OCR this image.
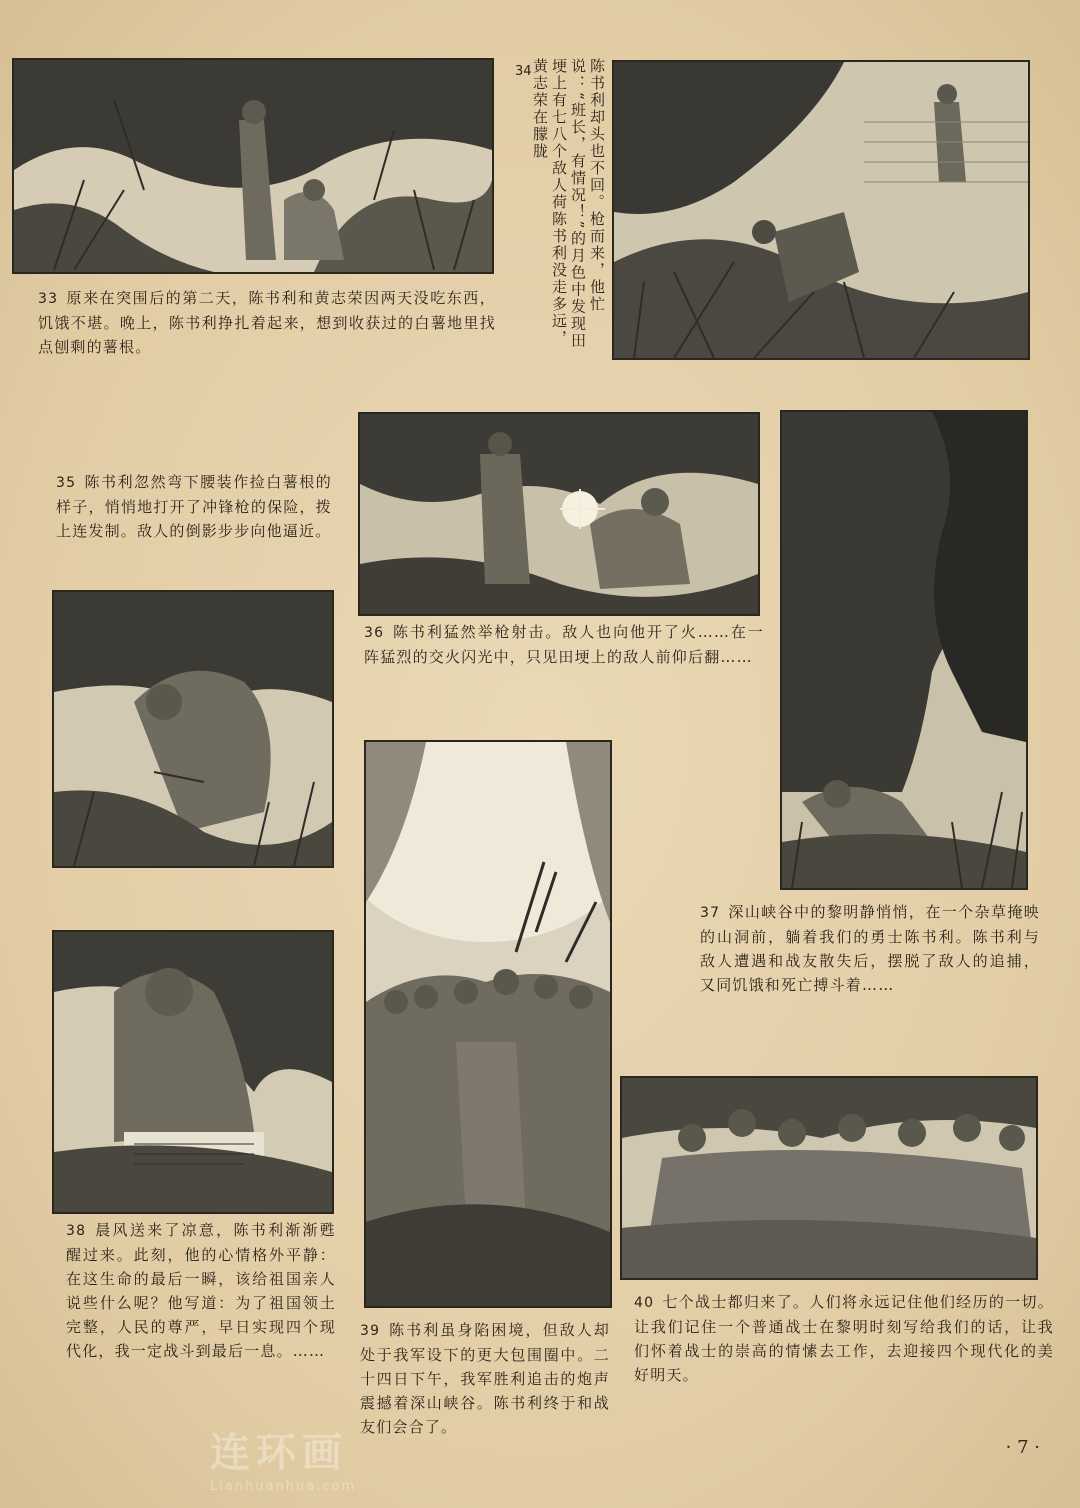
33 原来在突围后的第二天，陈书利和黄志荣因两天没吃东西，饥饿不堪。晚上，陈书利挣扎着起来，想到收获过的白薯地里找点刨剩的薯根。
陈书利却头也不回。枪而来，他忙说：“班长，有情况！”的月色中发现田埂上有七八个敌人荷陈书利没走多远，黄志荣在朦胧
34
35 陈书利忽然弯下腰装作捡白薯根的样子，悄悄地打开了冲锋枪的保险，拨上连发制。敌人的倒影步步向他逼近。
36 陈书利猛然举枪射击。敌人也向他开了火……在一阵猛烈的交火闪光中，只见田埂上的敌人前仰后翻……
37 深山峡谷中的黎明静悄悄，在一个杂草掩映的山洞前，躺着我们的勇士陈书利。陈书利与敌人遭遇和战友散失后，摆脱了敌人的追捕，又同饥饿和死亡搏斗着……
39 陈书利虽身陷困境，但敌人却处于我军设下的更大包围圈中。二十四日下午，我军胜利追击的炮声震撼着深山峡谷。陈书利终于和战友们会合了。
38 晨风送来了凉意，陈书利渐渐甦醒过来。此刻，他的心情格外平静：在这生命的最后一瞬，该给祖国亲人说些什么呢？他写道：为了祖国领土完整，人民的尊严，早日实现四个现代化，我一定战斗到最后一息。……
40 七个战士都归来了。人们将永远记住他们经历的一切。让我们记住一个普通战士在黎明时刻写给我们的话，让我们怀着战士的崇高的情愫去工作，去迎接四个现代化的美好明天。
连环画
Lianhuanhua.com
· 7 ·
